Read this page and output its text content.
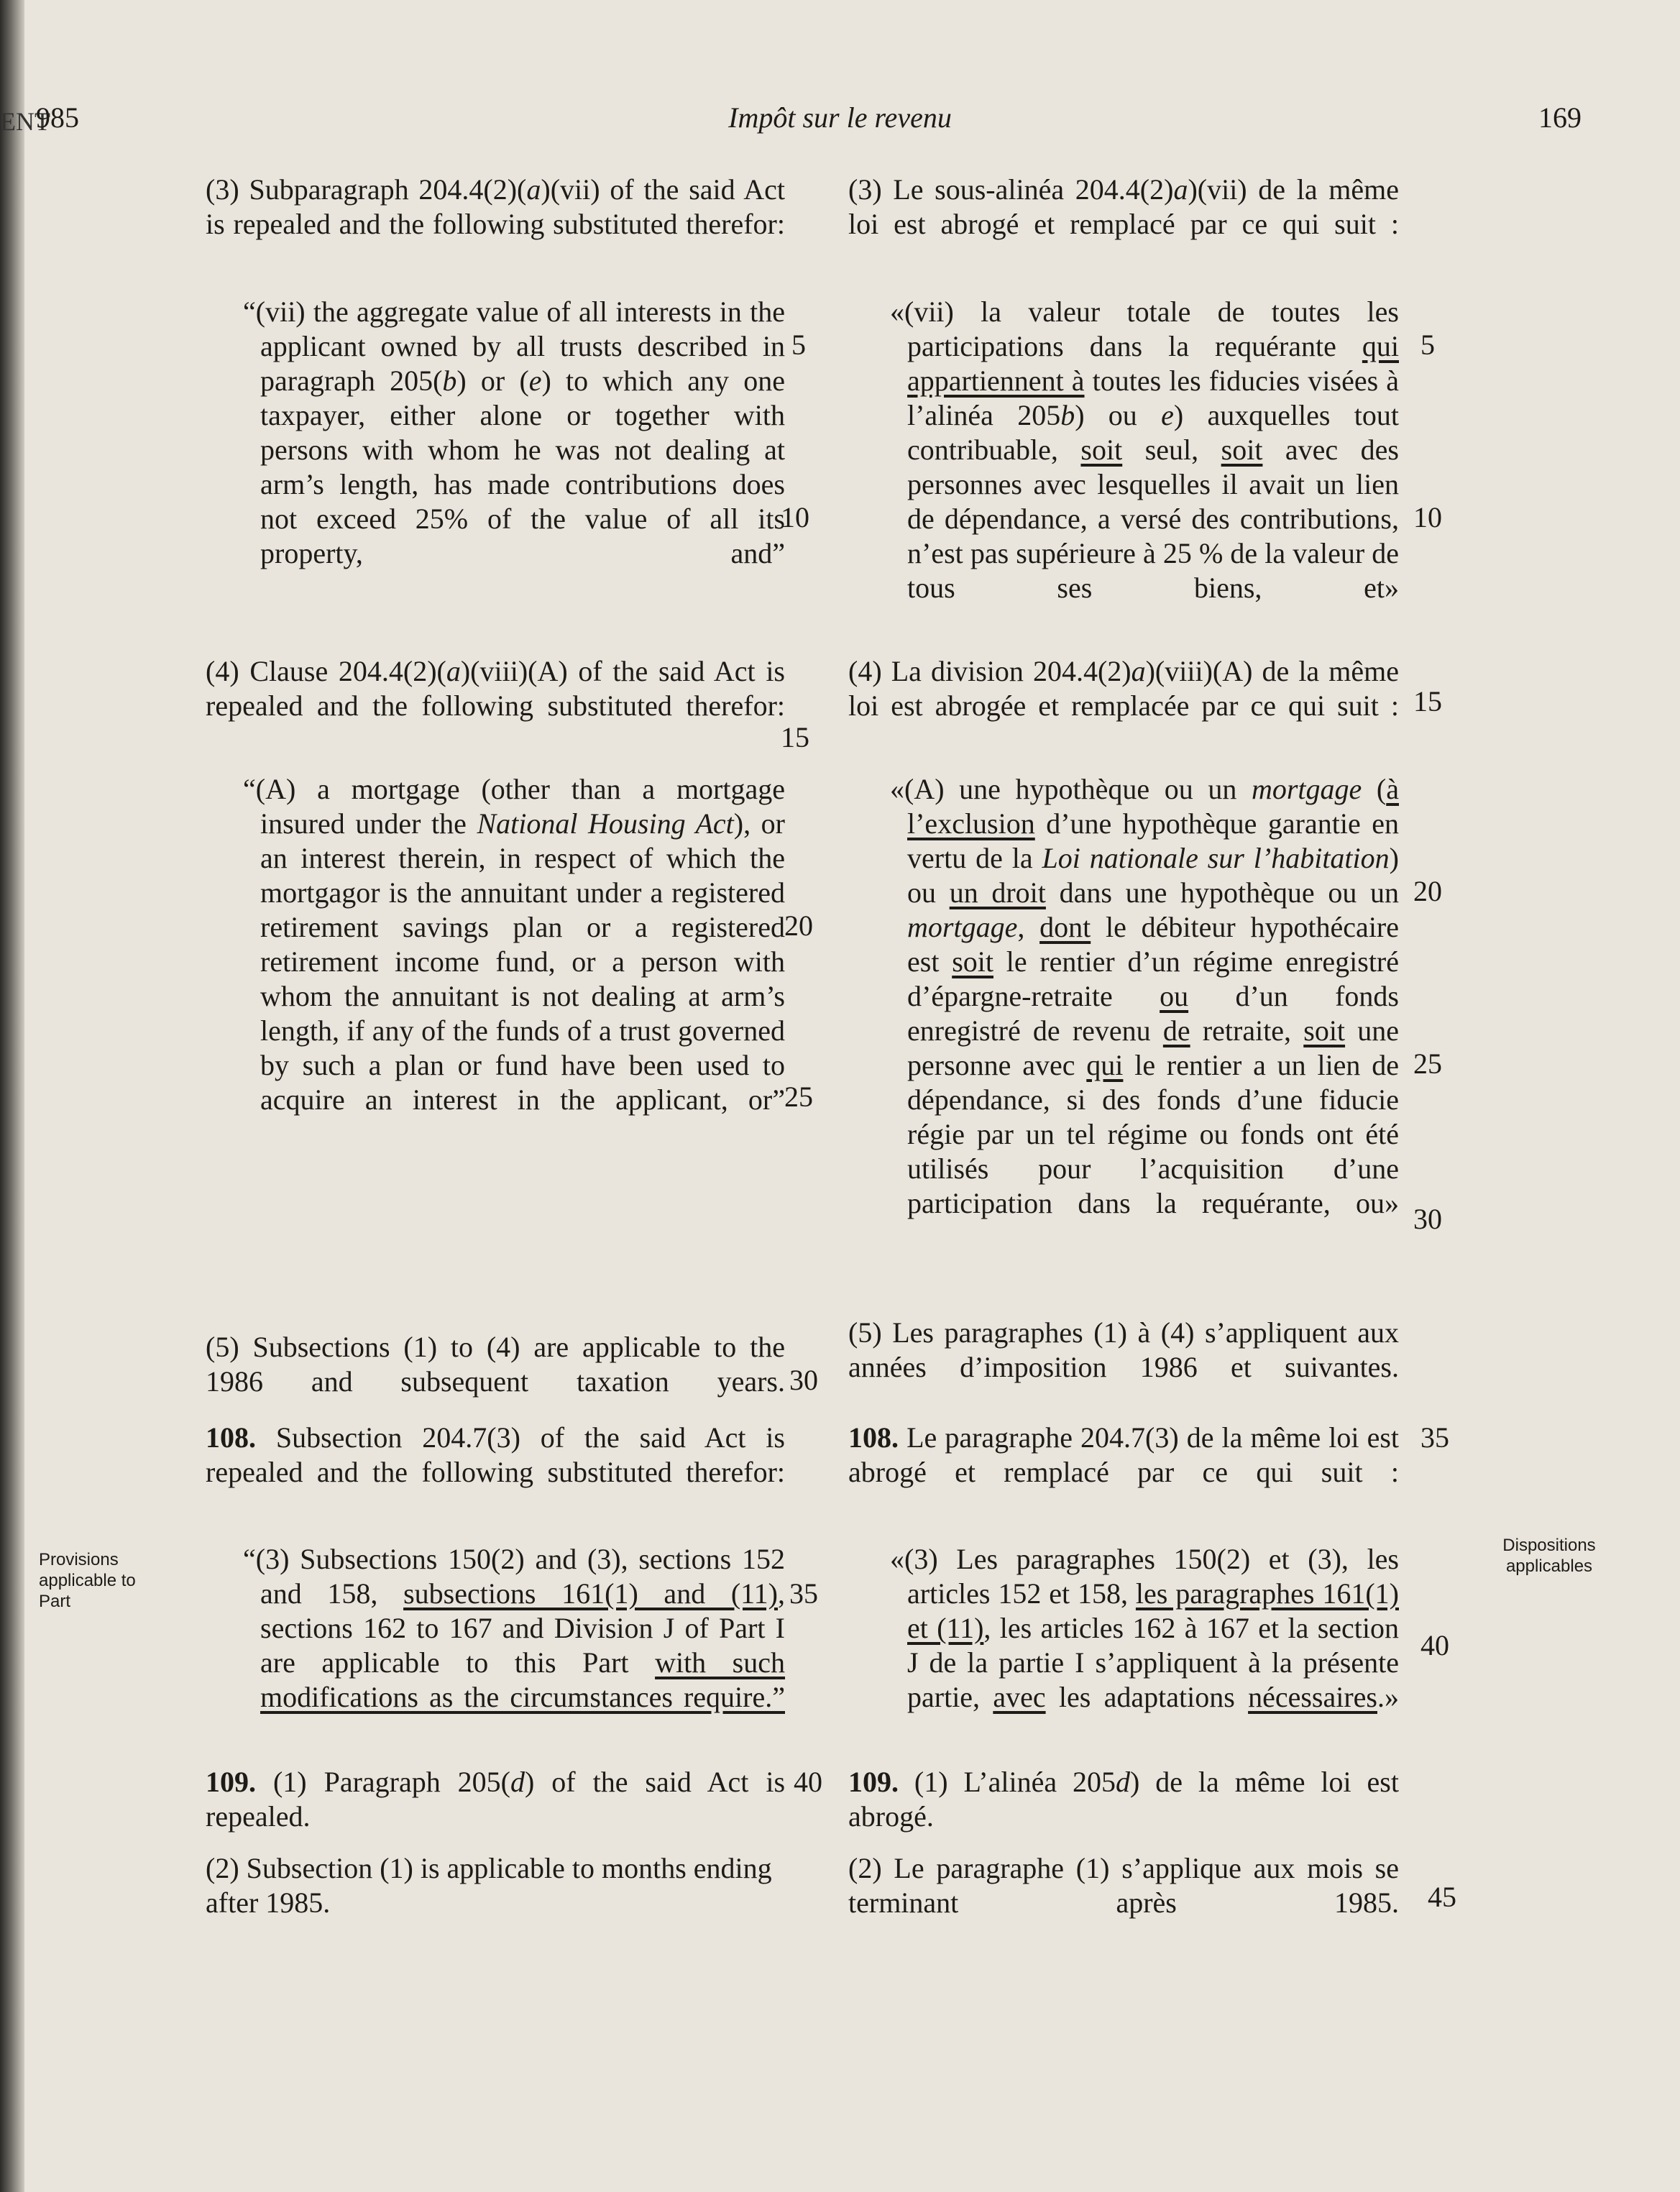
ΕΝΤ
985	Impôt sur le revenu	169
(3) Subparagraph 204.4(2)(a)(vii) of the said Act is repealed and the following substituted therefor:
“(vii) the aggregate value of all interests in the applicant owned by all trusts described in paragraph 205(b) or (e) to which any one taxpayer, either alone or together with persons with whom he was not dealing at arm’s length, has made contributions does not exceed 25% of the value of all its property, and”
(4) Clause 204.4(2)(a)(viii)(A) of the said Act is repealed and the following substituted therefor:
“(A) a mortgage (other than a mortgage insured under the National Housing Act), or an interest therein, in respect of which the mortgagor is the annuitant under a registered retirement savings plan or a registered retirement income fund, or a person with whom the annuitant is not dealing at arm’s length, if any of the funds of a trust governed by such a plan or fund have been used to acquire an interest in the applicant, or”
(5) Subsections (1) to (4) are applicable to the 1986 and subsequent taxation years.
108. Subsection 204.7(3) of the said Act is repealed and the following substituted therefor:
“(3) Subsections 150(2) and (3), sections 152 and 158, subsections 161(1) and (11), sections 162 to 167 and Division J of Part I are applicable to this Part with such modifications as the circumstances require.”
109. (1) Paragraph 205(d) of the said Act is repealed.
(2) Subsection (1) is applicable to months ending after 1985.
5
10
15
20
25
30
35
40
5
10
15
20
25
30
35
40
45
(3) Le sous-alinéa 204.4(2)a)(vii) de la même loi est abrogé et remplacé par ce qui suit :
«(vii) la valeur totale de toutes les participations dans la requérante qui appartiennent à toutes les fiducies visées à l’alinéa 205b) ou e) auxquelles tout contribuable, soit seul, soit avec des personnes avec lesquelles il avait un lien de dépendance, a versé des contributions, n’est pas supérieure à 25 % de la valeur de tous ses biens, et»
(4) La division 204.4(2)a)(viii)(A) de la même loi est abrogée et remplacée par ce qui suit :
«(A) une hypothèque ou un mortgage (à l’exclusion d’une hypothèque garantie en vertu de la Loi nationale sur l’habitation) ou un droit dans une hypothèque ou un mortgage, dont le débiteur hypothécaire est soit le rentier d’un régime enregistré d’épargne-retraite ou d’un fonds enregistré de revenu de retraite, soit une personne avec qui le rentier a un lien de dépendance, si des fonds d’une fiducie régie par un tel régime ou fonds ont été utilisés pour l’acquisition d’une participation dans la requérante, ou»
(5) Les paragraphes (1) à (4) s’appliquent aux années d’imposition 1986 et suivantes.
108. Le paragraphe 204.7(3) de la même loi est abrogé et remplacé par ce qui suit :
«(3) Les paragraphes 150(2) et (3), les articles 152 et 158, les paragraphes 161(1) et (11), les articles 162 à 167 et la section J de la partie I s’appliquent à la présente partie, avec les adaptations nécessaires.»
109. (1) L’alinéa 205d) de la même loi est abrogé.
(2) Le paragraphe (1) s’applique aux mois se terminant après 1985.
Provisions applicable to Part
Dispositions applicables
